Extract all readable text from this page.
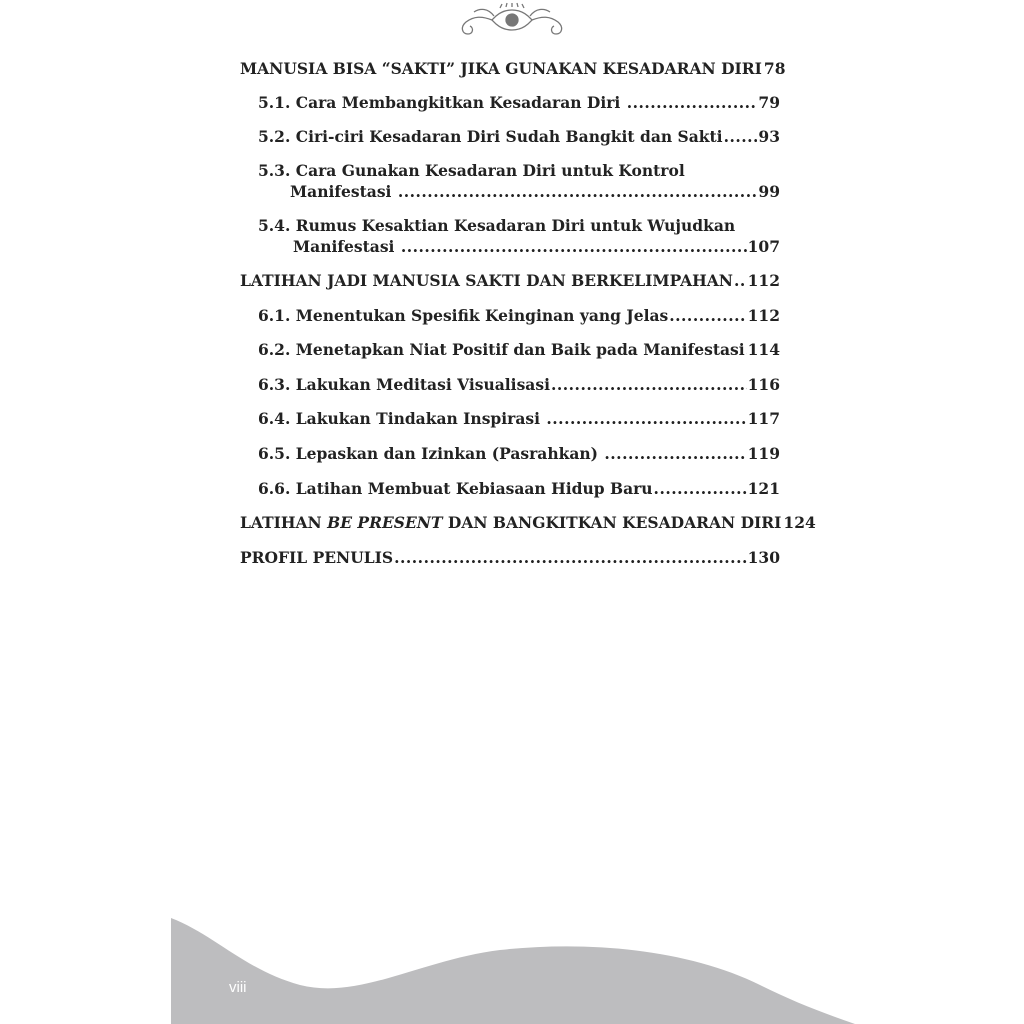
MANUSIA BISA “SAKTI” JIKA GUNAKAN KESADARAN DIRI 78
5.1. Cara Membangkitkan Kesadaran Diri .....	79
5.2. Ciri-ciri Kesadaran Diri Sudah Bangkit dan Sakti ..... 93
5.3. Cara Gunakan Kesadaran Diri untuk Kontrol
Manifestasi .....	99
5.4. Rumus Kesaktian Kesadaran Diri untuk Wujudkan
Manifestasi .....	107
LATIHAN JADI MANUSIA SAKTI DAN BERKELIMPAHAN ..... 112
6.1. Menentukan Spesifik Keinginan yang Jelas .....	112
6.2. Menetapkan Niat Positif dan Baik pada Manifestasi ..... 114
6.3. Lakukan Meditasi Visualisasi .....	116
6.4. Lakukan Tindakan Inspirasi .....	117
6.5. Lepaskan dan Izinkan (Pasrahkan) .....	119
6.6. Latihan Membuat Kebiasaan Hidup Baru .....	121
LATIHAN BE PRESENT DAN BANGKITKAN KESADARAN DIRI 124
PROFIL PENULIS .....	130
viii
